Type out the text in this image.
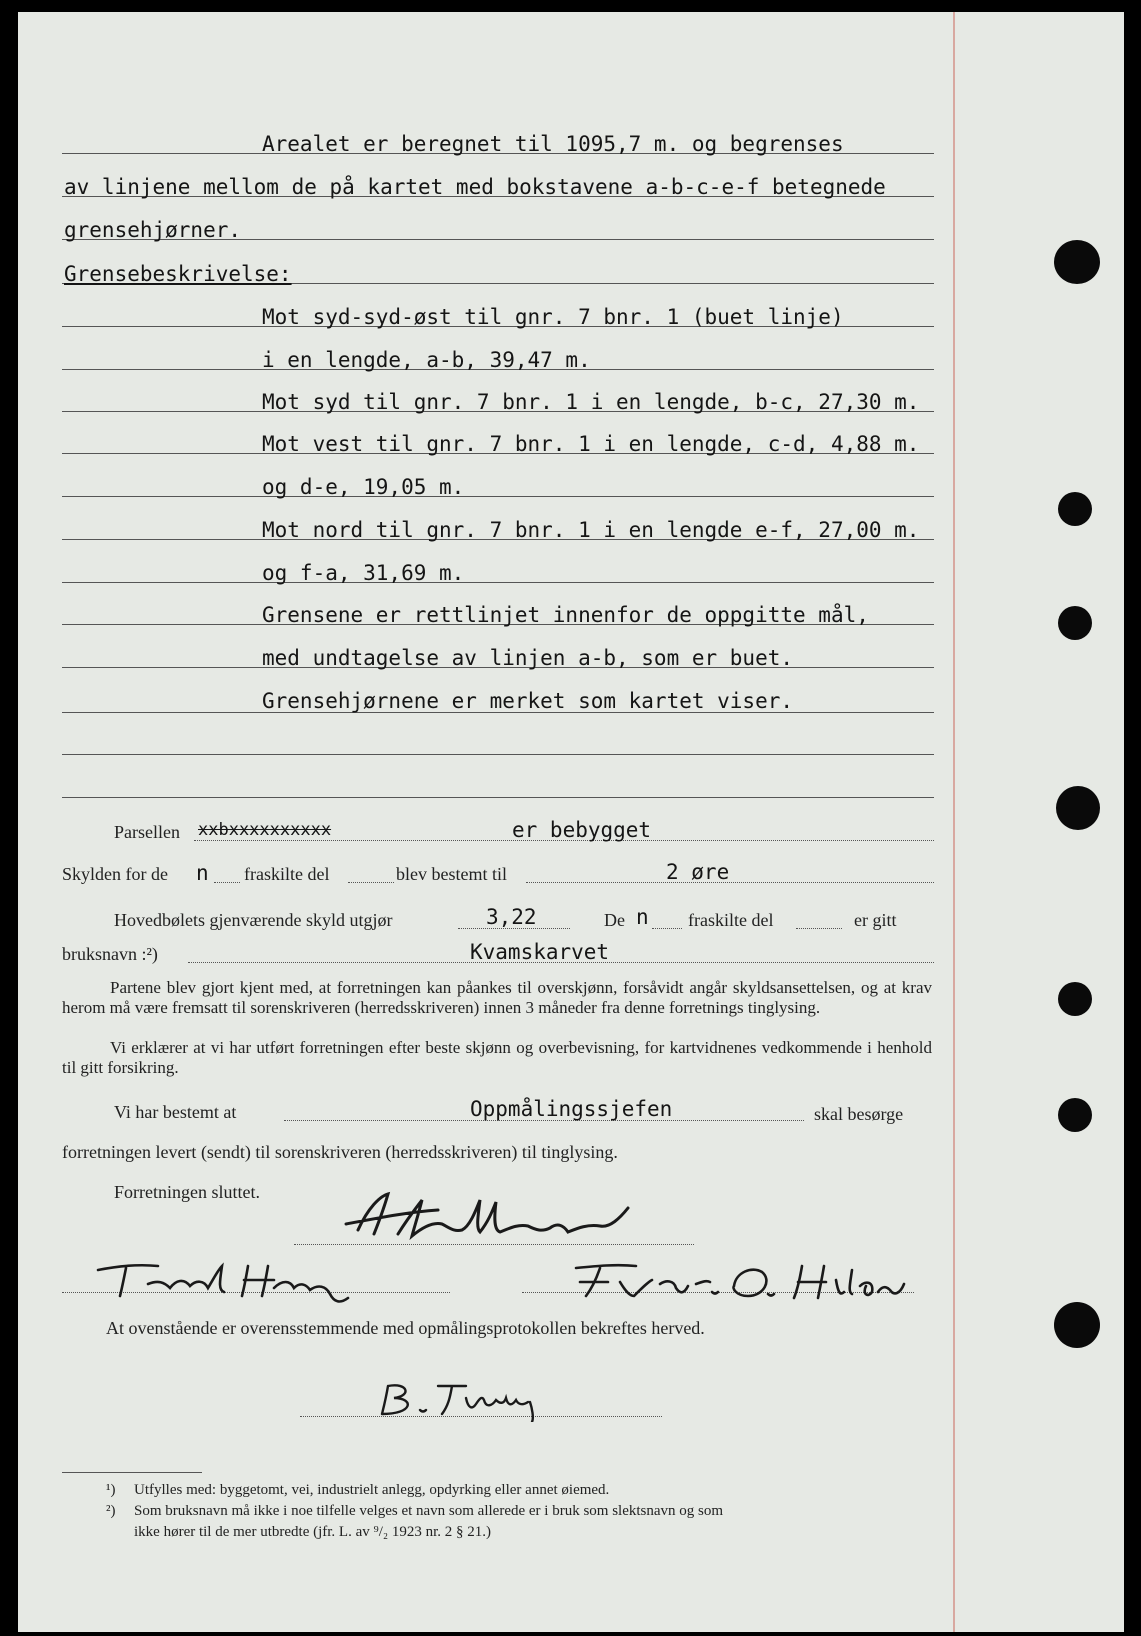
Arealet er beregnet til 1095,7 m. og begrenses
av linjene mellom de på kartet med bokstavene a-b-c-e-f betegnede
grensehjørner.
Grensebeskrivelse:
Mot syd-syd-øst til gnr. 7 bnr. 1 (buet linje)
i en lengde, a-b, 39,47 m.
Mot syd til gnr. 7 bnr. 1 i en lengde, b-c, 27,30 m.
Mot vest til gnr. 7 bnr. 1 i en lengde, c-d, 4,88 m.
og d-e, 19,05 m.
Mot nord til gnr. 7 bnr. 1 i en lengde e-f, 27,00 m.
og f-a, 31,69 m.
Grensene er rettlinjet innenfor de oppgitte mål,
med undtagelse av linjen a-b, som er buet.
Grensehjørnene er merket som kartet viser.
Parsellen xxbxxxxxxxxxx	er bebygget
Skylden for de n fraskilte del	blev bestemt til	2 øre
Hovedbølets gjenværende skyld utgjør	3,22	De n fraskilte del	er gitt
bruksnavn :²)	Kvamskarvet
Partene blev gjort kjent med, at forretningen kan påankes til overskjønn, forsåvidt angår skyldsansettelsen, og at krav herom må være fremsatt til sorenskriveren (herredsskriveren) innen 3 måneder fra denne forretnings tinglysing.
Vi erklærer at vi har utført forretningen efter beste skjønn og overbevisning, for kartvidnenes vedkommende i henhold til gitt forsikring.
Vi har bestemt at	Oppmålingssjefen	skal besørge
forretningen levert (sendt) til sorenskriveren (herredsskriveren) til tinglysing.
Forretningen sluttet.
At ovenstående er overensstemmende med opmålingsprotokollen bekreftes herved.
¹) Utfylles med: byggetomt, vei, industrielt anlegg, opdyrking eller annet øiemed.
²) Som bruksnavn må ikke i noe tilfelle velges et navn som allerede er i bruk som slektsnavn og som
ikke hører til de mer utbredte (jfr. L. av ⁹/₂ 1923 nr. 2 § 21.)
